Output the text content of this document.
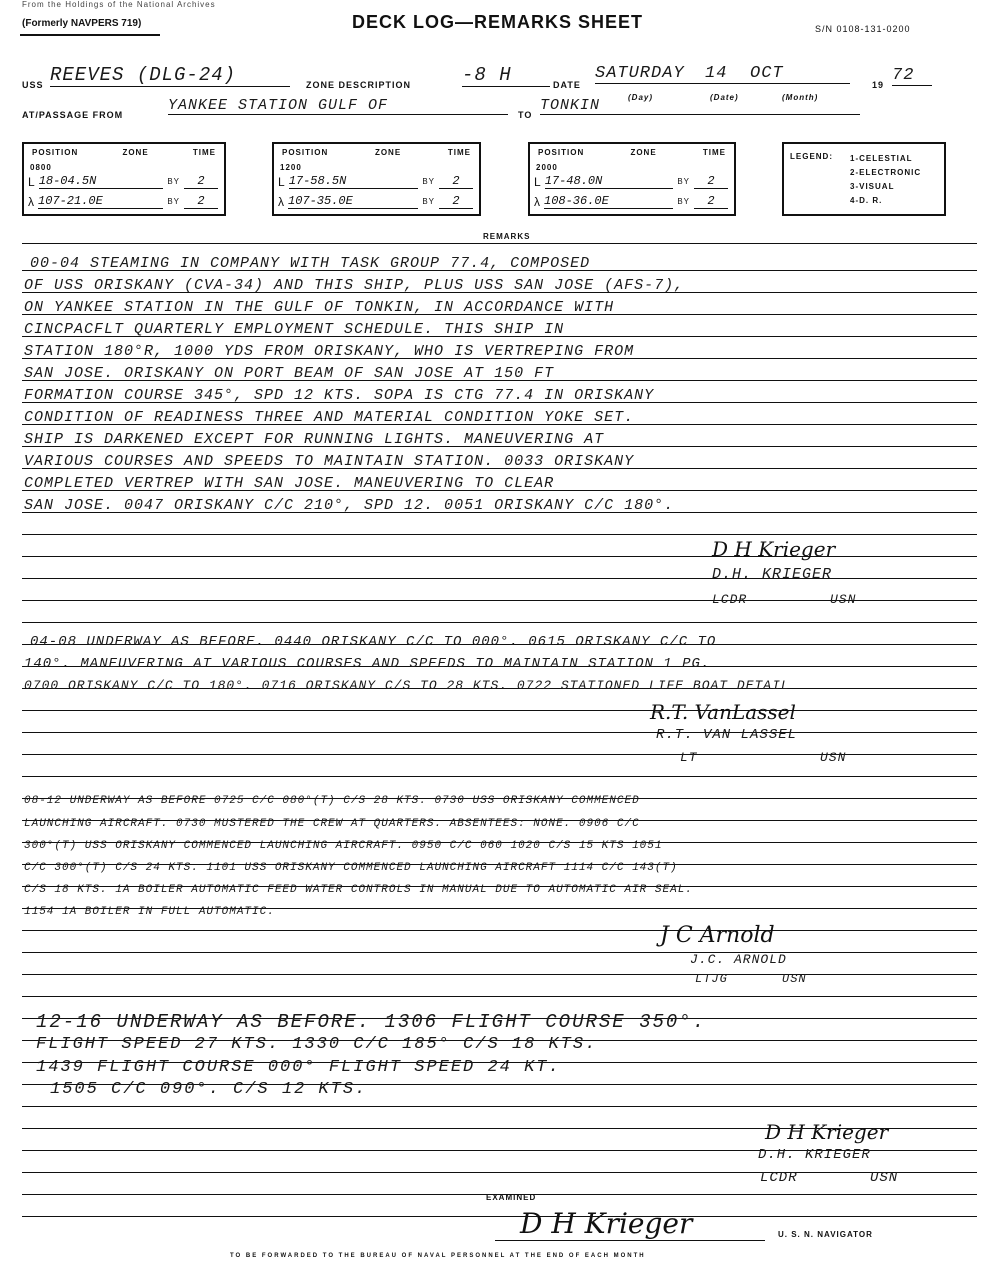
From the Holdings of the National Archives
(Formerly NAVPERS 719)	DECK LOG—REMARKS SHEET	S/N 0108-131-0200
USS REEVES (DLG-24)	ZONE DESCRIPTION	-8 H	DATE
SATURDAY	14	OCT
19 72
(Day)	(Date)	(Month)
AT/PASSAGE FROM
YANKEE STATION GULF OF
TO
TONKIN
POSITION	ZONE	TIME
0800
L 18-04.5N	BY	2
λ 107-21.0E	BY	2
POSITION	ZONE	TIME
1200
L 17-58.5N	BY	2
λ 107-35.0E	BY	2
POSITION	ZONE	TIME
2000
L 17-48.0N	BY	2
λ 108-36.0E	BY	2
LEGEND: 1-CELESTIAL
2-ELECTRONIC
3-VISUAL
4-D. R.
REMARKS
00-04 STEAMING IN COMPANY WITH TASK GROUP 77.4, COMPOSED
OF USS ORISKANY (CVA-34) AND THIS SHIP, PLUS USS SAN JOSE (AFS-7),
ON YANKEE STATION IN THE GULF OF TONKIN, IN ACCORDANCE WITH
CINCPACFLT QUARTERLY EMPLOYMENT SCHEDULE. THIS SHIP IN
STATION 180°R, 1000 YDS FROM ORISKANY, WHO IS VERTREPING FROM
SAN JOSE. ORISKANY ON PORT BEAM OF SAN JOSE AT 150 FT
FORMATION COURSE 345°, SPD 12 KTS. SOPA IS CTG 77.4 IN ORISKANY
CONDITION OF READINESS THREE AND MATERIAL CONDITION YOKE SET.
SHIP IS DARKENED EXCEPT FOR RUNNING LIGHTS. MANEUVERING AT
VARIOUS COURSES AND SPEEDS TO MAINTAIN STATION. 0033 ORISKANY
COMPLETED VERTREP WITH SAN JOSE. MANEUVERING TO CLEAR
SAN JOSE. 0047 ORISKANY C/C 210°, SPD 12. 0051 ORISKANY C/C 180°.
D H Krieger
D.H. KRIEGER
LCDR	USN
04-08 UNDERWAY AS BEFORE. 0440 ORISKANY C/C TO 000°. 0615 ORISKANY C/C TO
140°. MANEUVERING AT VARIOUS COURSES AND SPEEDS TO MAINTAIN STATION 1 PG.
0700 ORISKANY C/C TO 180°. 0716 ORISKANY C/S TO 28 KTS. 0722 STATIONED LIFE BOAT DETAIL
R.T. VanLassel
R.T. VAN LASSEL
LT	USN
08-12 UNDERWAY AS BEFORE 0725 C/C 080°(T) C/S 28 KTS. 0730 USS ORISKANY COMMENCED
LAUNCHING AIRCRAFT. 0730 MUSTERED THE CREW AT QUARTERS. ABSENTEES: NONE. 0906 C/C
300°(T) USS ORISKANY COMMENCED LAUNCHING AIRCRAFT. 0950 C/C 060 1020 C/S 15 KTS 1051
C/C 300°(T) C/S 24 KTS. 1101 USS ORISKANY COMMENCED LAUNCHING AIRCRAFT 1114 C/C 143(T)
C/S 18 KTS. 1A BOILER AUTOMATIC FEED WATER CONTROLS IN MANUAL DUE TO AUTOMATIC AIR SEAL.
1154 1A BOILER IN FULL AUTOMATIC.
J C Arnold
J.C. ARNOLD
LTJG	USN
12-16 UNDERWAY AS BEFORE. 1306 FLIGHT COURSE 350°.
FLIGHT SPEED 27 KTS. 1330 C/C 185° C/S 18 KTS.
1439 FLIGHT COURSE 000° FLIGHT SPEED 24 KT.
1505 C/C 090°. C/S 12 KTS.
D H Krieger
D.H. KRIEGER
LCDR	USN
EXAMINED
D H Krieger	U. S. N. NAVIGATOR
TO BE FORWARDED TO THE BUREAU OF NAVAL PERSONNEL AT THE END OF EACH MONTH
